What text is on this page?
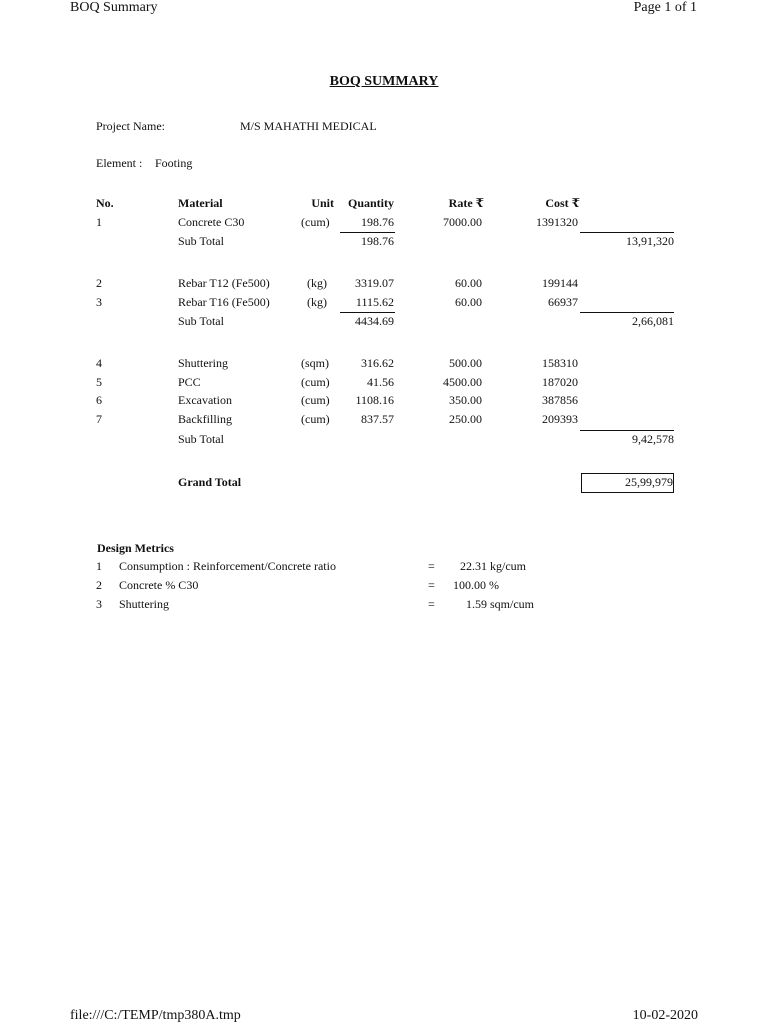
BOQ Summary	Page 1 of 1
BOQ SUMMARY
Project Name:	M/S MAHATHI MEDICAL
Element : Footing
No.	Material	Unit	Quantity	Rate ₹	Cost ₹
1	Concrete C30	(cum)	198.76	7000.00	1391320
Sub Total	198.76	13,91,320
2	Rebar T12 (Fe500)	(kg)	3319.07	60.00	199144
3	Rebar T16 (Fe500)	(kg)	1115.62	60.00	66937
Sub Total	4434.69	2,66,081
4	Shuttering	(sqm)	316.62	500.00	158310
5	PCC	(cum)	41.56	4500.00	187020
6	Excavation	(cum)	1108.16	350.00	387856
7	Backfilling	(cum)	837.57	250.00	209393
Sub Total	9,42,578
Grand Total	25,99,979
Design Metrics
1 Consumption : Reinforcement/Concrete ratio	= 22.31 kg/cum
2 Concrete % C30	= 100.00 %
3 Shuttering	=	1.59 sqm/cum
file:///C:/TEMP/tmp380A.tmp	10-02-2020
